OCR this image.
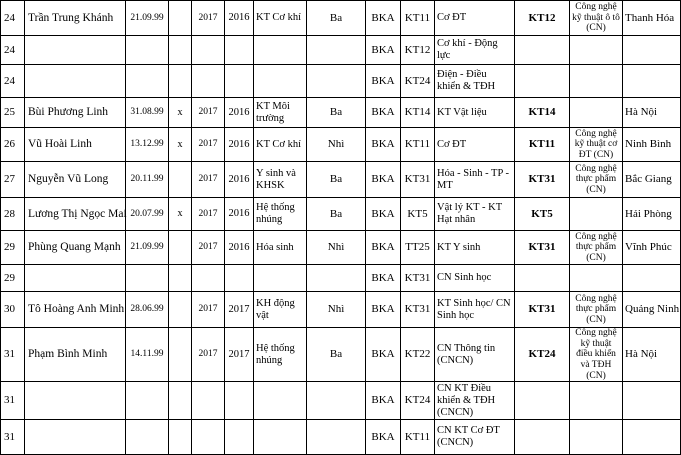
24	Trần Trung Khánh	21.09.99		2017	2016	KT Cơ khí	Ba	BKA	KT11	Cơ ĐT	KT12	Công nghệ kỹ thuật ô tô (CN)	Thanh Hóa
24								BKA	KT12	Cơ khí - Động lực			
24								BKA	KT24	Điện - Điều khiển & TĐH			
25	Bùi Phương Linh	31.08.99	x	2017	2016	KT Môi trường	Ba	BKA	KT14	KT Vật liệu	KT14		Hà Nội
26	Vũ Hoài Linh	13.12.99	x	2017	2016	KT Cơ khí	Nhì	BKA	KT11	Cơ ĐT	KT11	Công nghệ kỹ thuật cơ ĐT (CN)	Ninh Bình
27	Nguyễn Vũ Long	20.11.99		2017	2016	Y sinh và KHSK	Ba	BKA	KT31	Hóa - Sinh - TP - MT	KT31	Công nghệ thực phẩm (CN)	Bắc Giang
28	Lương Thị Ngọc Mai	20.07.99	x	2017	2016	Hệ thống nhúng	Ba	BKA	KT5	Vật lý KT - KT Hạt nhân	KT5		Hải Phòng
29	Phùng Quang Mạnh	21.09.99		2017	2016	Hóa sinh	Nhì	BKA	TT25	KT Y sinh	KT31	Công nghệ thực phẩm (CN)	Vĩnh Phúc
29								BKA	KT31	CN Sinh học			
30	Tô Hoàng Anh Minh	28.06.99		2017	2017	KH động vật	Nhì	BKA	KT31	KT Sinh học/ CN Sinh học	KT31	Công nghệ thực phẩm (CN)	Quảng Ninh
31	Phạm Bình Minh	14.11.99		2017	2017	Hệ thống nhúng	Ba	BKA	KT22	CN Thông tin (CNCN)	KT24	Công nghệ kỹ thuật điều khiển và TĐH (CN)	Hà Nội
31								BKA	KT24	CN KT Điều khiển & TĐH (CNCN)			
31								BKA	KT11	CN KT Cơ ĐT (CNCN)			
